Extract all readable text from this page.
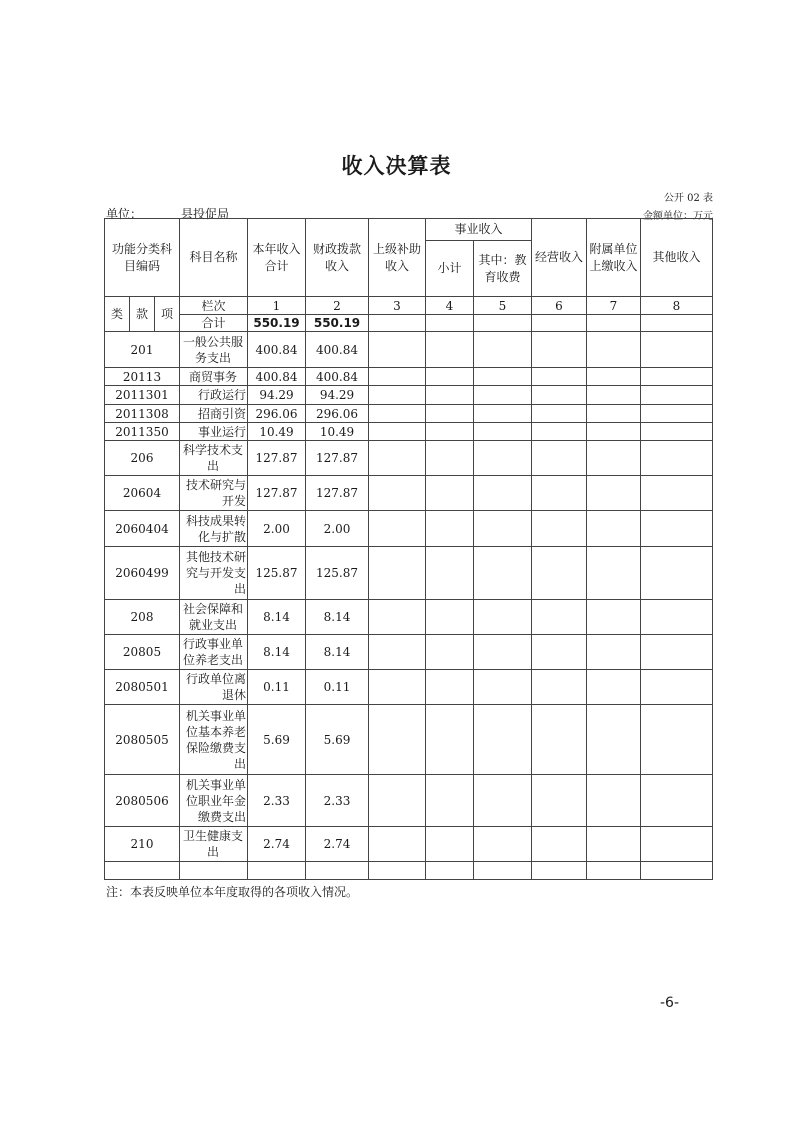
收入决算表
公开 02 表
单位：	县投促局	金额单位：万元
功能分类科目编码			科目名称	本年收入合计	财政拨款收入	上级补助收入	事业收入		经营收入	附属单位上缴收入	其他收入
							小计	其中：教育收费			
类	款	项	栏次	1	2	3	4	5	6	7	8
			合计	550.19	550.19						
201			一般公共服务支出	400.84	400.84						
20113			商贸事务	400.84	400.84						
2011301			行政运行	94.29	94.29						
2011308			招商引资	296.06	296.06						
2011350			事业运行	10.49	10.49						
206			科学技术支出	127.87	127.87						
20604			技术研究与开发	127.87	127.87						
2060404			科技成果转化与扩散	2.00	2.00						
2060499			其他技术研究与开发支出	125.87	125.87						
208			社会保障和就业支出	8.14	8.14						
20805			行政事业单位养老支出	8.14	8.14						
2080501			行政单位离退休	0.11	0.11						
2080505			机关事业单位基本养老保险缴费支出	5.69	5.69						
2080506			机关事业单位职业年金缴费支出	2.33	2.33						
210			卫生健康支出	2.74	2.74						

注：本表反映单位本年度取得的各项收入情况。
-6-
